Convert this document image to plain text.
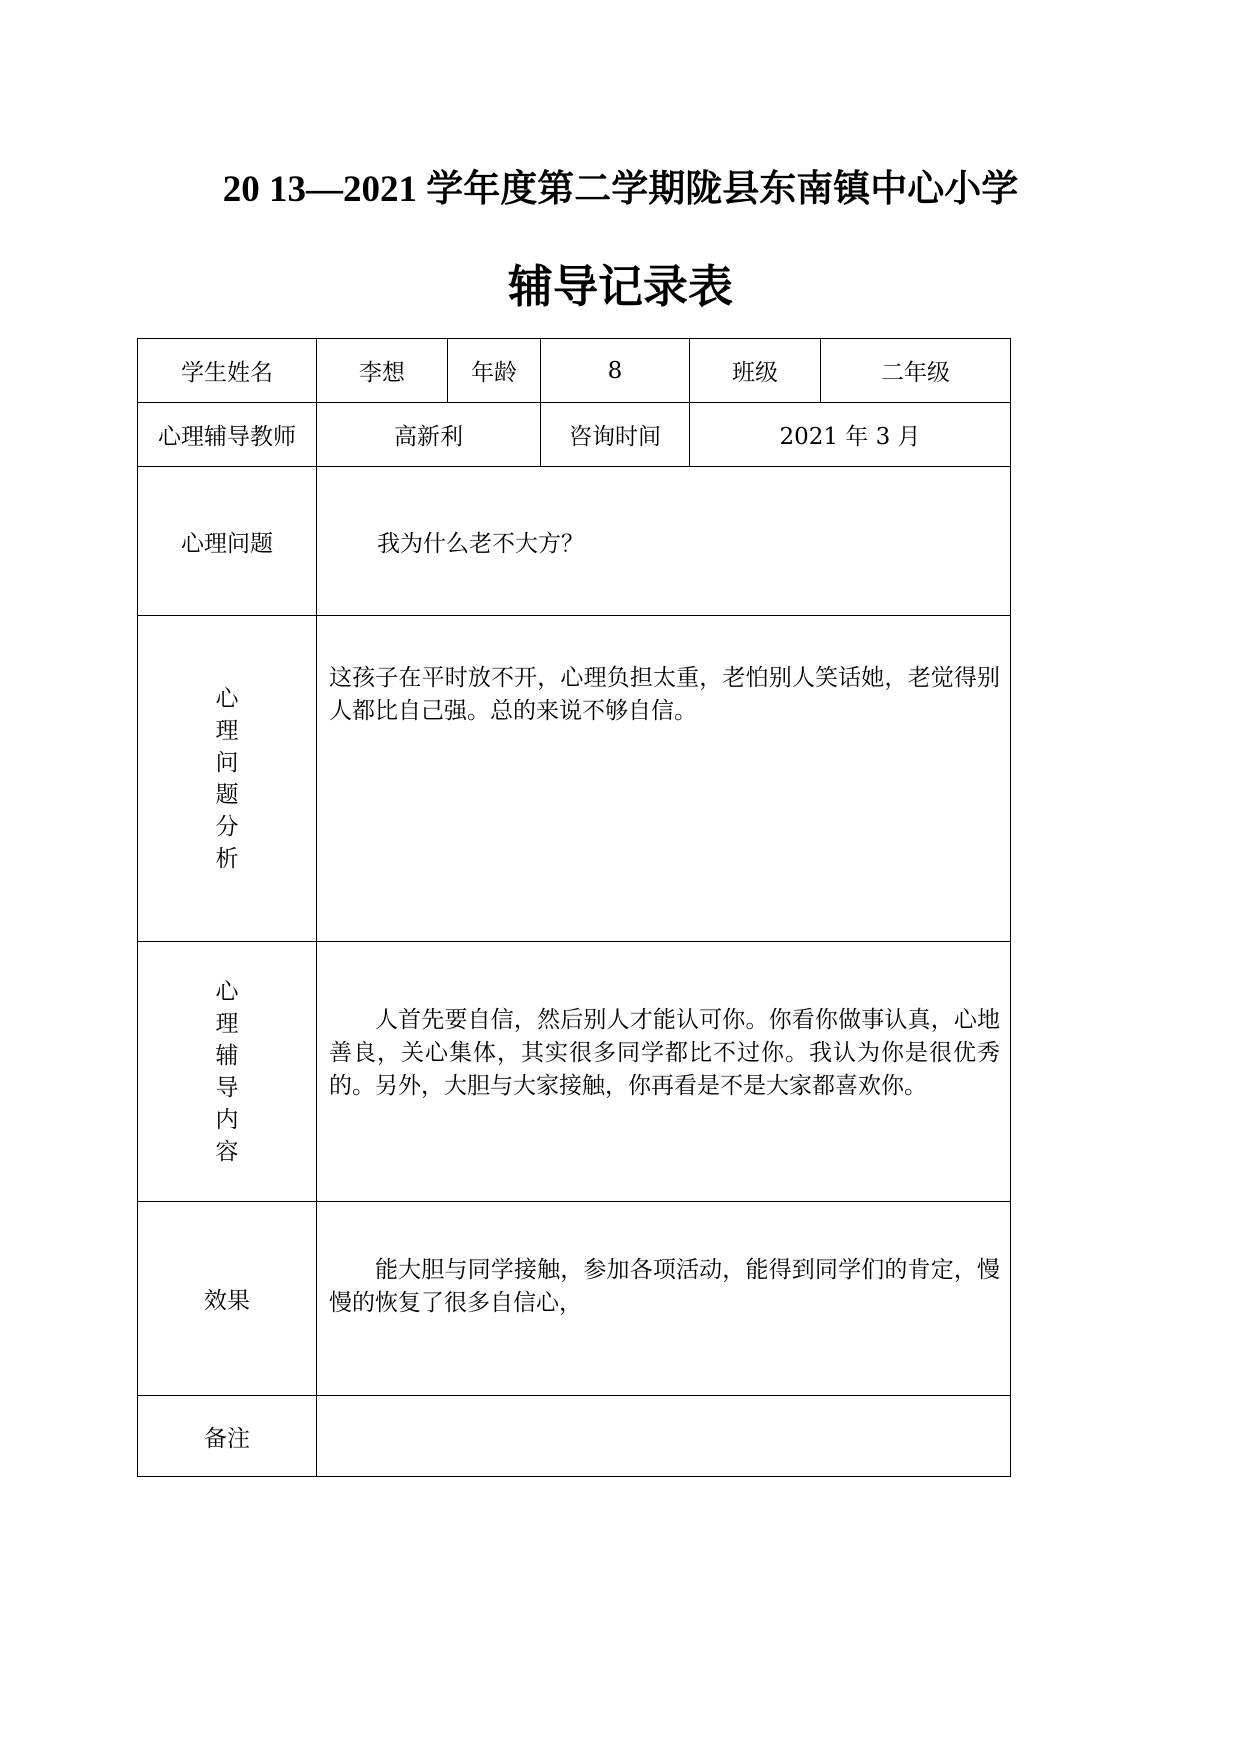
20 13—2021 学年度第二学期陇县东南镇中心小学
辅导记录表
学生姓名	李想	年龄	8	班级	二年级
心理辅导教师	高新利		咨询时间	2021 年 3 月	
心理问题	我为什么老不大方？				

心理问题分析	这孩子在平时放不开，心理负担太重，老怕别人笑话她，老觉得别人都比自己强。总的来说不够自信。				

心理辅导内容	人首先要自信，然后别人才能认可你。你看你做事认真，心地善良，关心集体，其实很多同学都比不过你。我认为你是很优秀的。另外，大胆与大家接触，你再看是不是大家都喜欢你。				

效果	能大胆与同学接触，参加各项活动，能得到同学们的肯定，慢慢的恢复了很多自信心，				

备注					
